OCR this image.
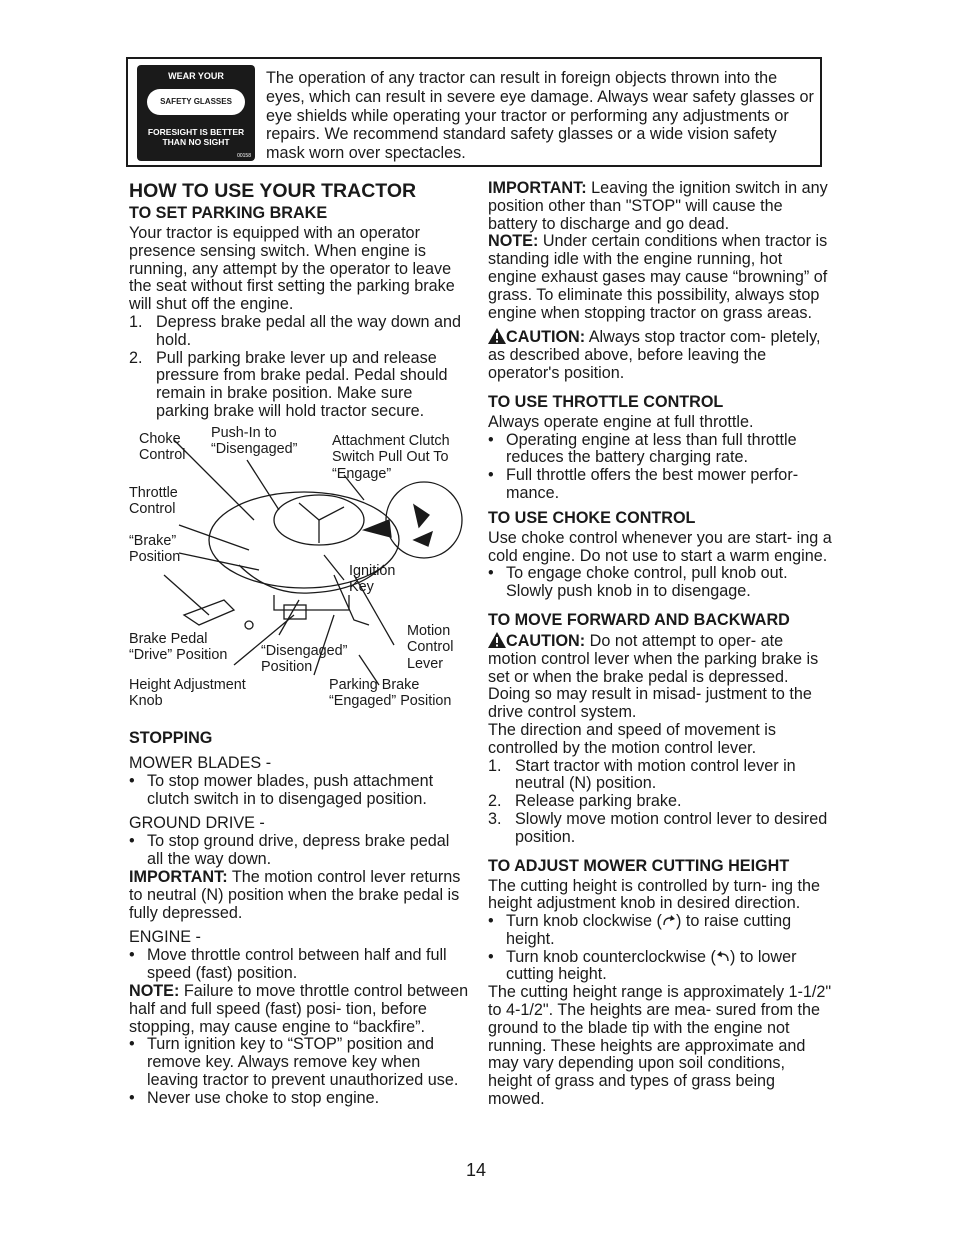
WEAR YOUR
SAFETY GLASSES
FORESIGHT IS BETTER
THAN NO SIGHT
00158
The operation of any tractor can result in foreign objects thrown into the eyes, which can result in severe eye damage. Always wear safety glasses or eye shields while operating your tractor or performing any adjustments or repairs. We recommend standard safety glasses or a wide vision safety mask worn over spectacles.
HOW TO USE YOUR TRACTOR
TO SET PARKING BRAKE

Your tractor is equipped with an operator presence sensing switch. When engine is running, any attempt by the operator to leave the seat without first setting the parking brake will shut off the engine.

1. Depress brake pedal all the way down and hold.
2. Pull parking brake lever up and release pressure from brake pedal. Pedal should remain in brake position. Make sure parking brake will hold tractor secure.
Choke
Control
Push-In to
“Disengaged”
Attachment Clutch
Switch Pull Out To
“Engage”
Throttle
Control
“Brake”
Position
Ignition
Key
Motion
Control
Lever
Brake Pedal
“Drive” Position “Disengaged”
Position
Height Adjustment
Knob
Parking Brake
“Engaged” Position
STOPPING
MOWER BLADES -
• To stop mower blades, push attachment clutch switch in to disengaged position.
GROUND DRIVE -
• To stop ground drive, depress brake pedal all the way down.

IMPORTANT: The motion control lever returns to neutral (N) position when the brake pedal is fully depressed.

ENGINE -
• Move throttle control between half and full speed (fast) position.

NOTE: Failure to move throttle control between half and full speed (fast) posi- tion, before stopping, may cause engine to “backfire”.

• Turn ignition key to “STOP” position and remove key. Always remove key when leaving tractor to prevent unauthorized use.
• Never use choke to stop engine.

IMPORTANT: Leaving the ignition switch in any position other than "STOP" will cause the battery to discharge and go dead.

NOTE: Under certain conditions when tractor is standing idle with the engine running, hot engine exhaust gases may cause “browning” of grass. To eliminate this possibility, always stop engine when stopping tractor on grass areas.

CAUTION: Always stop tractor com- pletely, as described above, before leaving the operator's position.

TO USE THROTTLE CONTROL

Always operate engine at full throttle.

• Operating engine at less than full throttle reduces the battery charging rate.
• Full throttle offers the best mower perfor- mance.
TO USE CHOKE CONTROL

Use choke control whenever you are start- ing a cold engine. Do not use to start a warm engine.

• To engage choke control, pull knob out. Slowly push knob in to disengage.
TO MOVE FORWARD AND BACKWARD

CAUTION: Do not attempt to oper- ate motion control lever when the parking brake is set or when the brake pedal is depressed. Doing so may result in misad- justment to the drive control system.

The direction and speed of movement is controlled by the motion control lever.

1. Start tractor with motion control lever in neutral (N) position.
2. Release parking brake.
3. Slowly move motion control lever to desired position.
TO ADJUST MOWER CUTTING HEIGHT

The cutting height is controlled by turn- ing the height adjustment knob in desired direction.

• Turn knob clockwise ( ) to raise cutting height.
• Turn knob counterclockwise ( ) to lower cutting height.

The cutting height range is approximately 1-1/2" to 4-1/2". The heights are mea- sured from the ground to the blade tip with the engine not running. These heights are approximate and may vary depending upon soil conditions, height of grass and types of grass being mowed.

14
